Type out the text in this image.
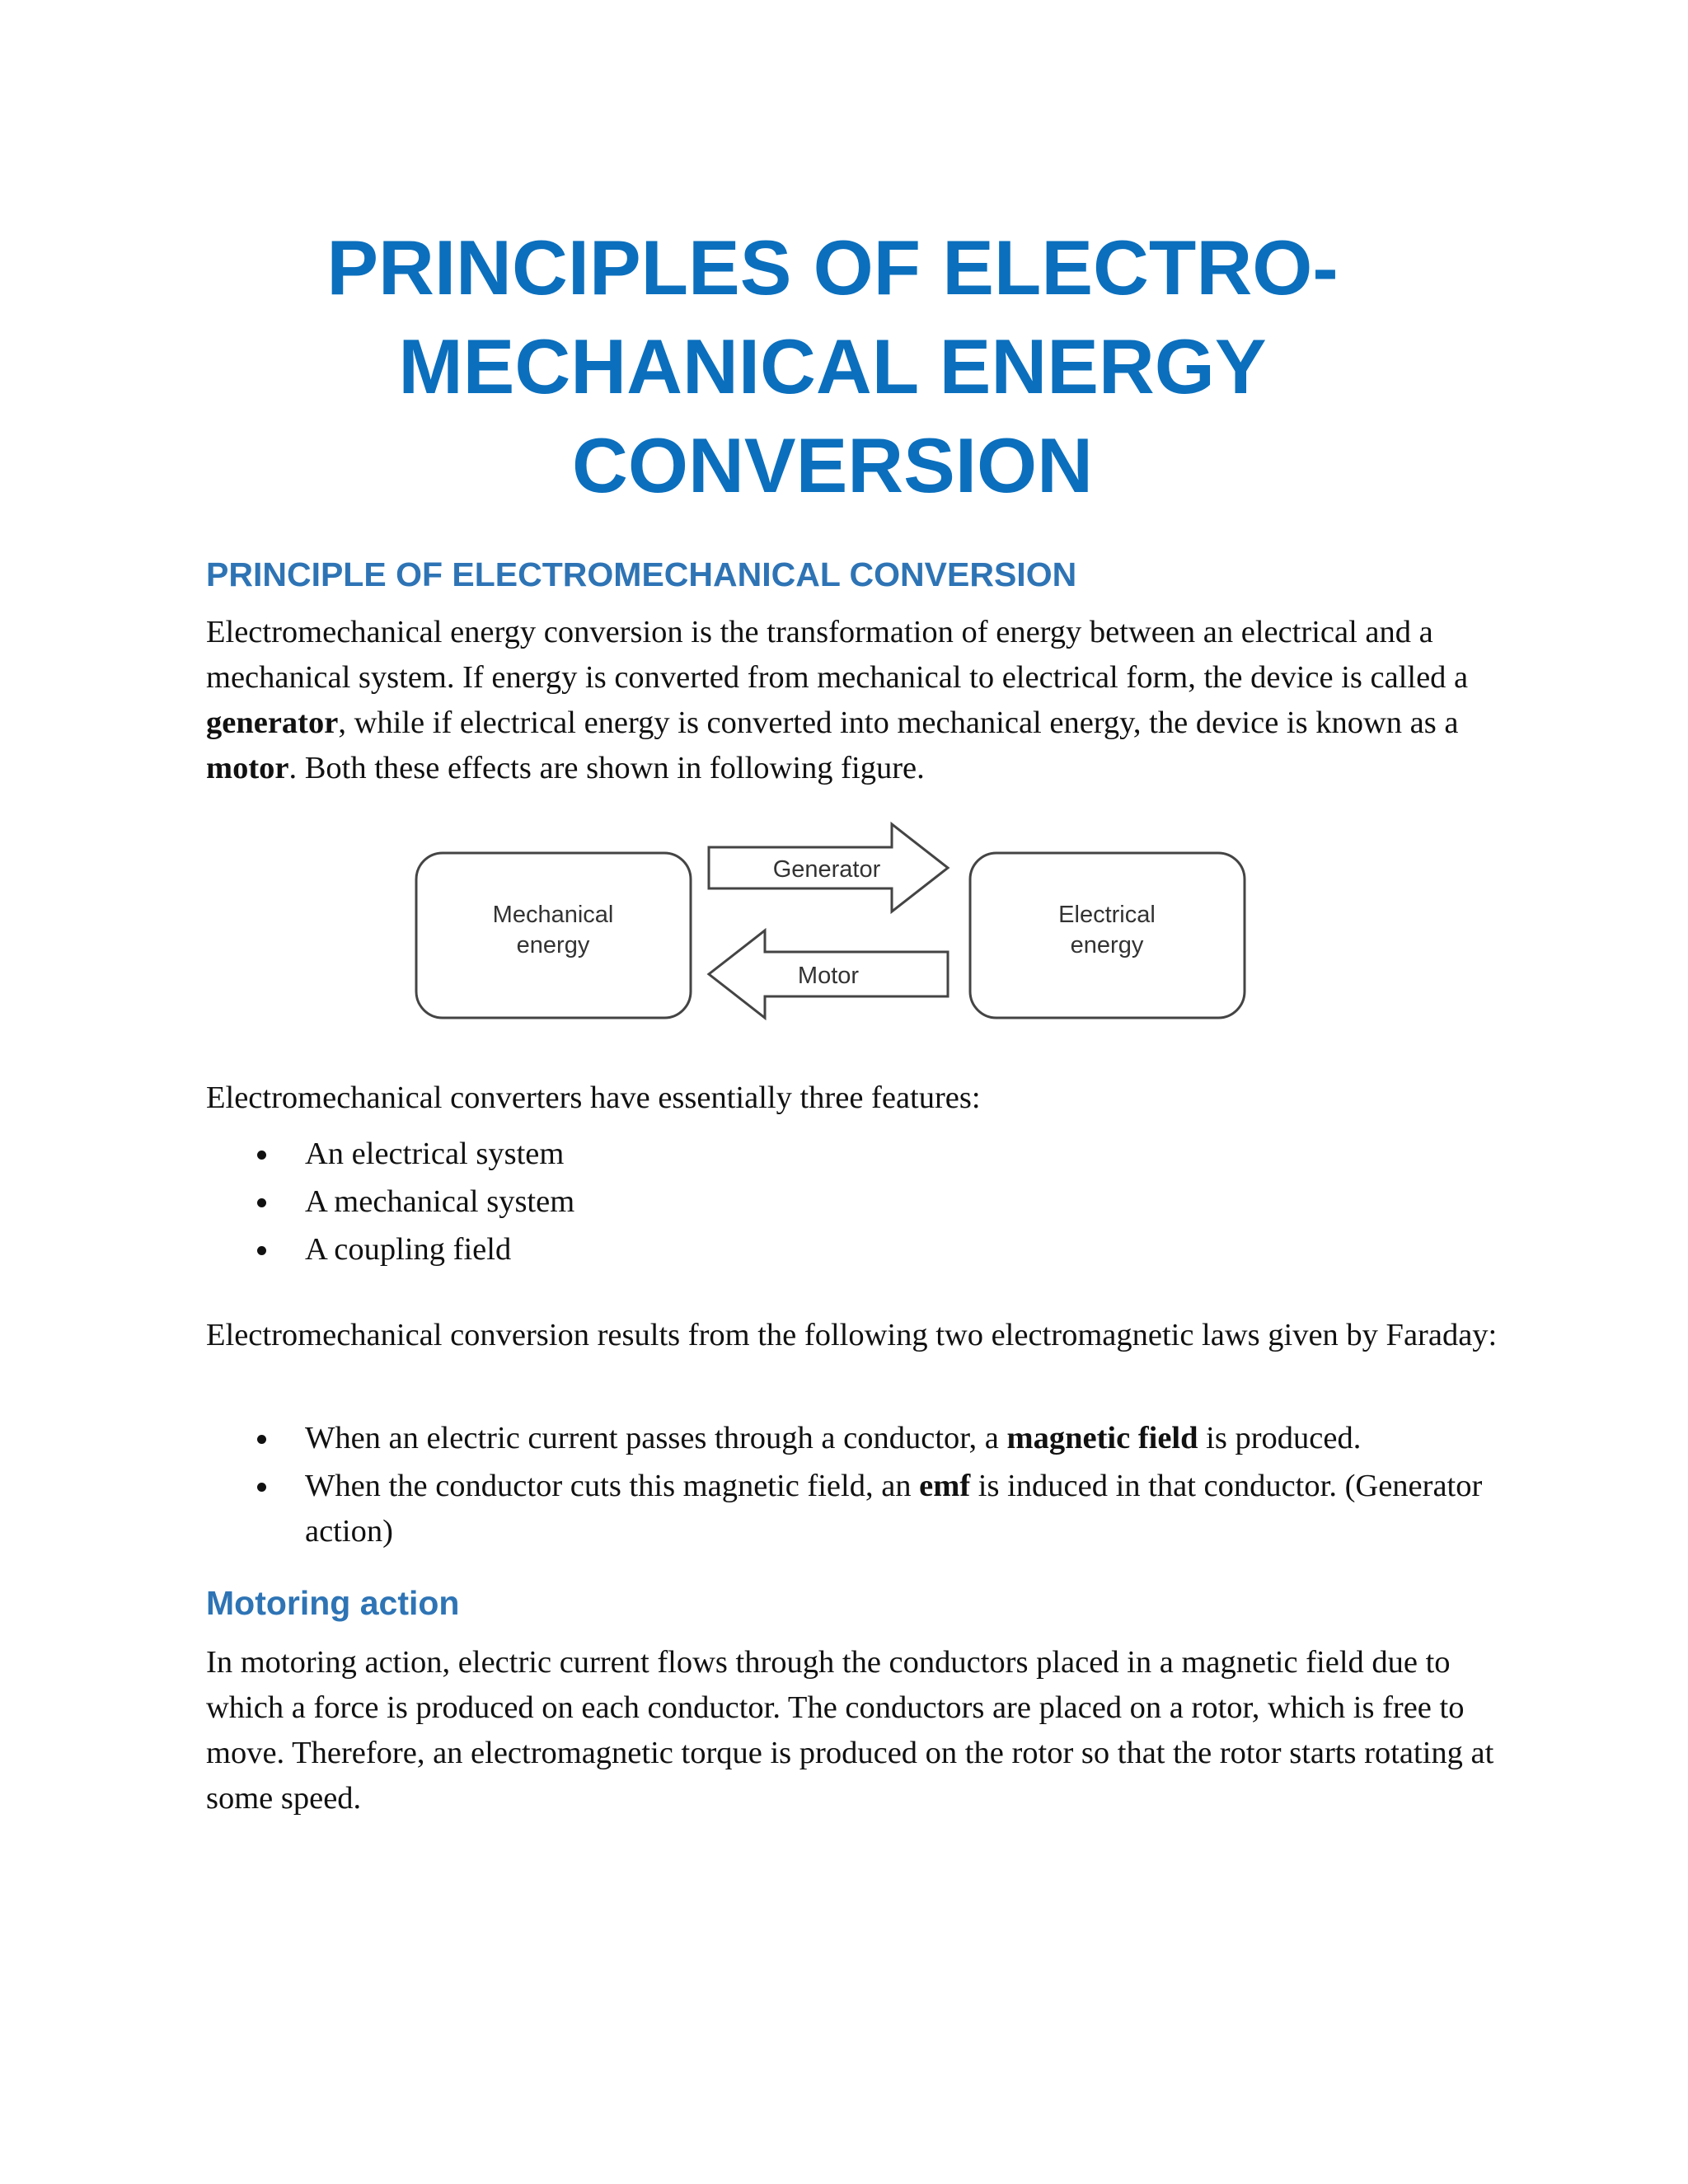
PRINCIPLES OF ELECTRO-
MECHANICAL ENERGY
CONVERSION
PRINCIPLE OF ELECTROMECHANICAL CONVERSION

Electromechanical energy conversion is the transformation of energy between an electrical and a mechanical system. If energy is converted from mechanical to electrical form, the device is called a generator, while if electrical energy is converted into mechanical energy, the device is known as a motor. Both these effects are shown in following figure.

Mechanical
energy
Electrical
energy
Generator
Motor

Electromechanical converters have essentially three features:

An electrical system
A mechanical system
A coupling field

Electromechanical conversion results from the following two electromagnetic laws given by Faraday:

When an electric current passes through a conductor, a magnetic field is produced.
When the conductor cuts this magnetic field, an emf is induced in that conductor. (Generator action)
Motoring action

In motoring action, electric current flows through the conductors placed in a magnetic field due to which a force is produced on each conductor. The conductors are placed on a rotor, which is free to move. Therefore, an electromagnetic torque is produced on the rotor so that the rotor starts rotating at some speed.
